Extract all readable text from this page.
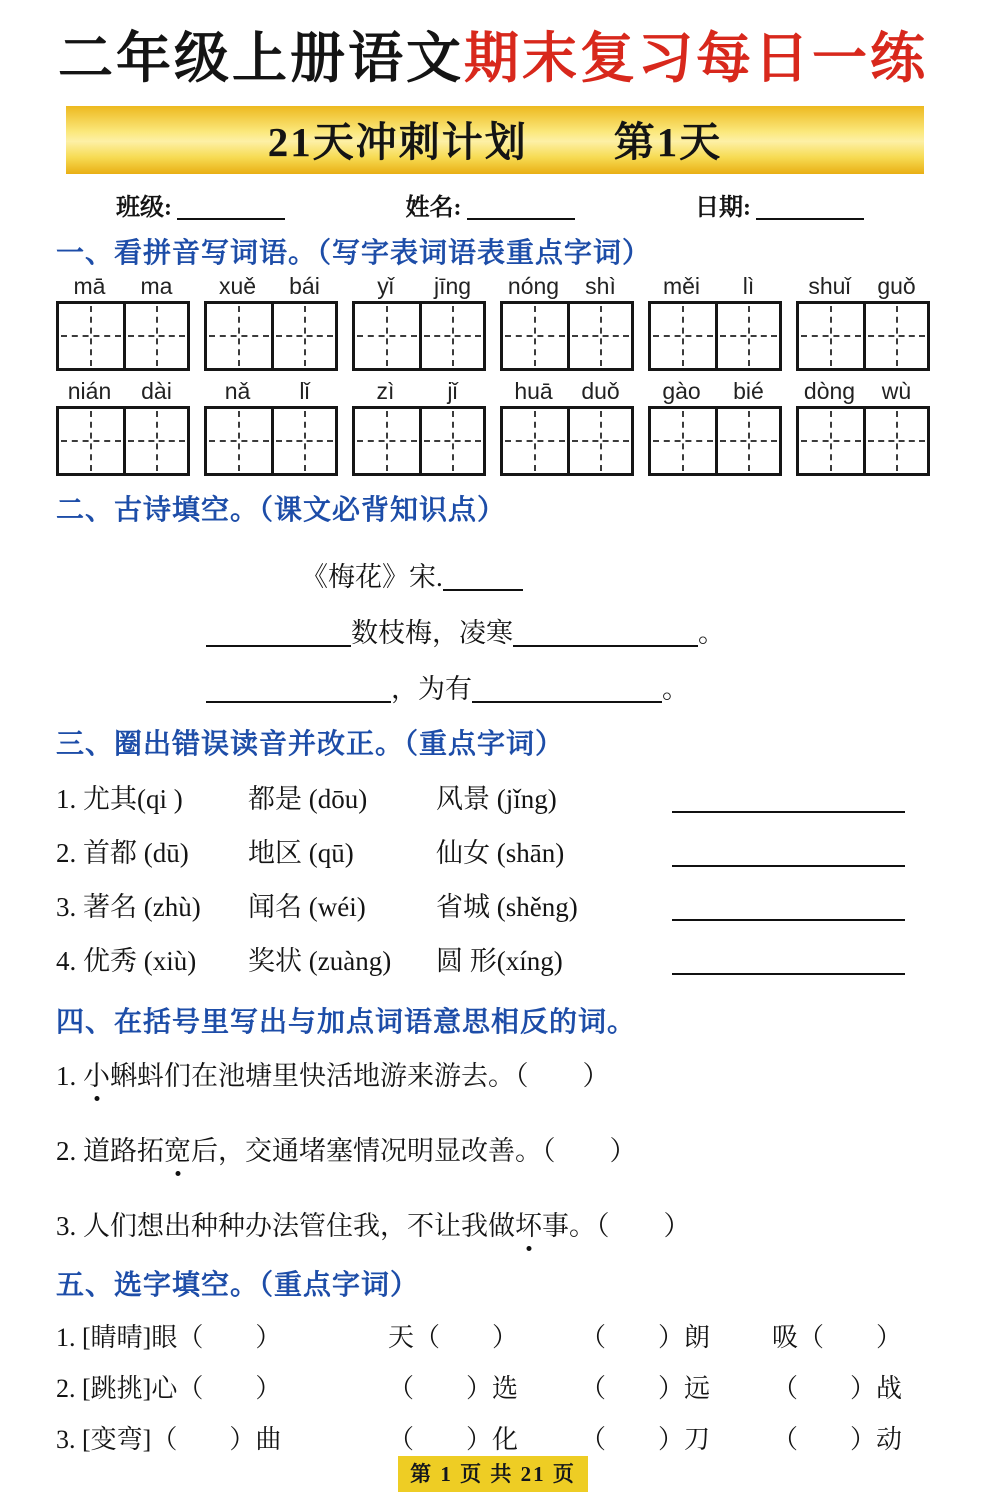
二年级上册语文期末复习每日一练
21天冲刺计划　　第1天
班级:	姓名:	日期:
一、看拼音写词语。（写字表词语表重点字词）
mā	ma	xuě	bái	yǐ	jīng	nóng	shì	měi	lì	shuǐ	guǒ
nián	dài	nǎ	lǐ	zì	jǐ	huā	duǒ	gào	bié	dòng	wù
二、古诗填空。（课文必背知识点）
《梅花》宋.
数枝梅，凌寒	。
，为有	。
三、圈出错误读音并改正。（重点字词）
1. 尤其(qi )	都是 (dōu)	风景 (jǐng)
2. 首都 (dū)	地区 (qū)	仙女 (shān)
3. 著名 (zhù)	闻名 (wéi)	省城 (shěng)
4. 优秀 (xiù)	奖状 (zuàng)	圆 形(xíng)
四、在括号里写出与加点词语意思相反的词。
1. 小蝌蚪们在池塘里快活地游来游去。（　　）
2. 道路拓宽后，交通堵塞情况明显改善。（　　）
3. 人们想出种种办法管住我，不让我做坏事。（　　）
五、选字填空。（重点字词）
1. [睛晴]眼（　　）	天（　　） （　　）朗 吸（　　）
2. [跳挑]心（　　）	（　　）选 （　　）远 （　　）战
3. [变弯]（　　）曲	（　　）化 （　　）刀 （　　）动
第 1 页 共 21 页
